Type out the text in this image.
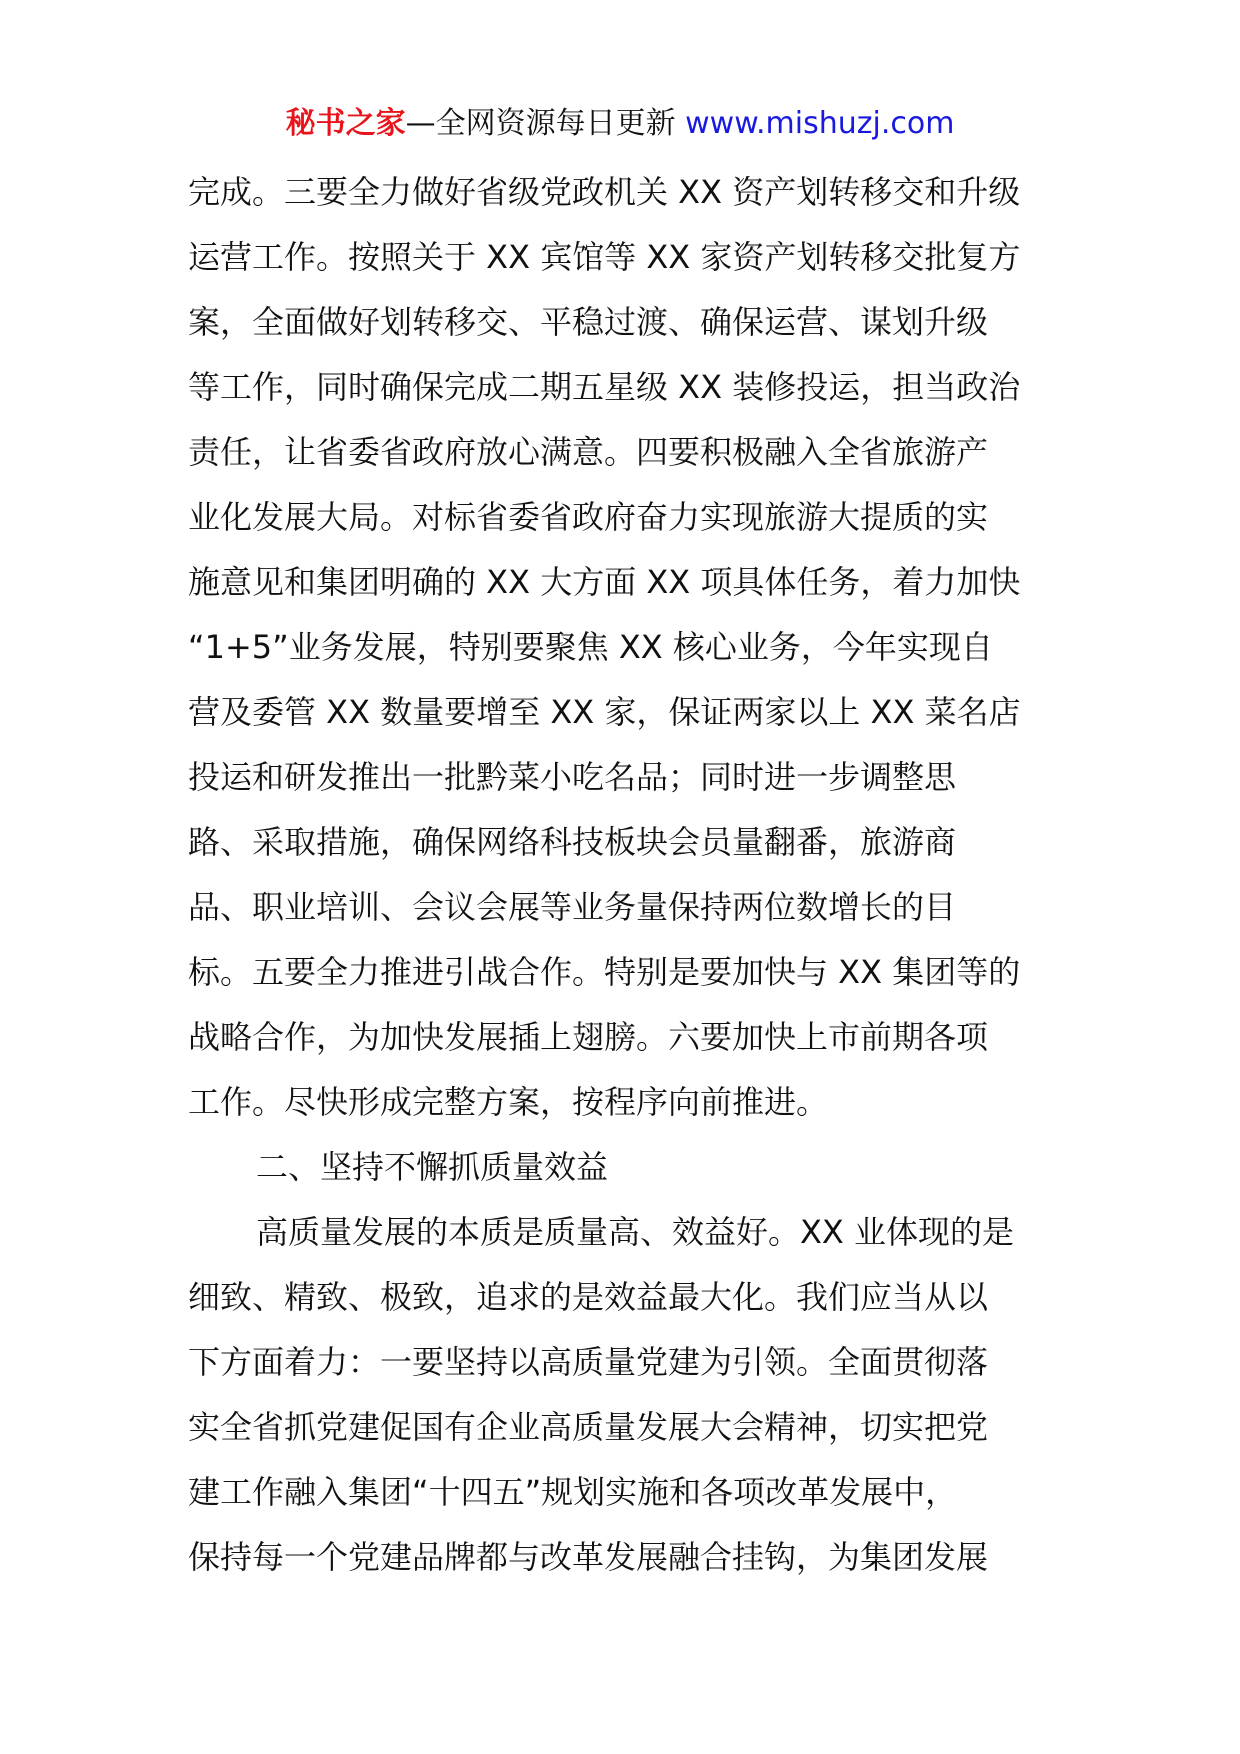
秘书之家—全网资源每日更新 www.mishuzj.com
完成。三要全力做好省级党政机关 XX 资产划转移交和升级
运营工作。按照关于 XX 宾馆等 XX 家资产划转移交批复方
案，全面做好划转移交、平稳过渡、确保运营、谋划升级
等工作，同时确保完成二期五星级 XX 装修投运，担当政治
责任，让省委省政府放心满意。四要积极融入全省旅游产
业化发展大局。对标省委省政府奋力实现旅游大提质的实
施意见和集团明确的 XX 大方面 XX 项具体任务，着力加快
“1+5”业务发展，特别要聚焦 XX 核心业务，今年实现自
营及委管 XX 数量要增至 XX 家，保证两家以上 XX 菜名店
投运和研发推出一批黔菜小吃名品；同时进一步调整思
路、采取措施，确保网络科技板块会员量翻番，旅游商
品、职业培训、会议会展等业务量保持两位数增长的目
标。五要全力推进引战合作。特别是要加快与 XX 集团等的
战略合作，为加快发展插上翅膀。六要加快上市前期各项
工作。尽快形成完整方案，按程序向前推进。
二、坚持不懈抓质量效益
高质量发展的本质是质量高、效益好。XX 业体现的是
细致、精致、极致，追求的是效益最大化。我们应当从以
下方面着力：一要坚持以高质量党建为引领。全面贯彻落
实全省抓党建促国有企业高质量发展大会精神，切实把党
建工作融入集团“十四五”规划实施和各项改革发展中，
保持每一个党建品牌都与改革发展融合挂钩，为集团发展
